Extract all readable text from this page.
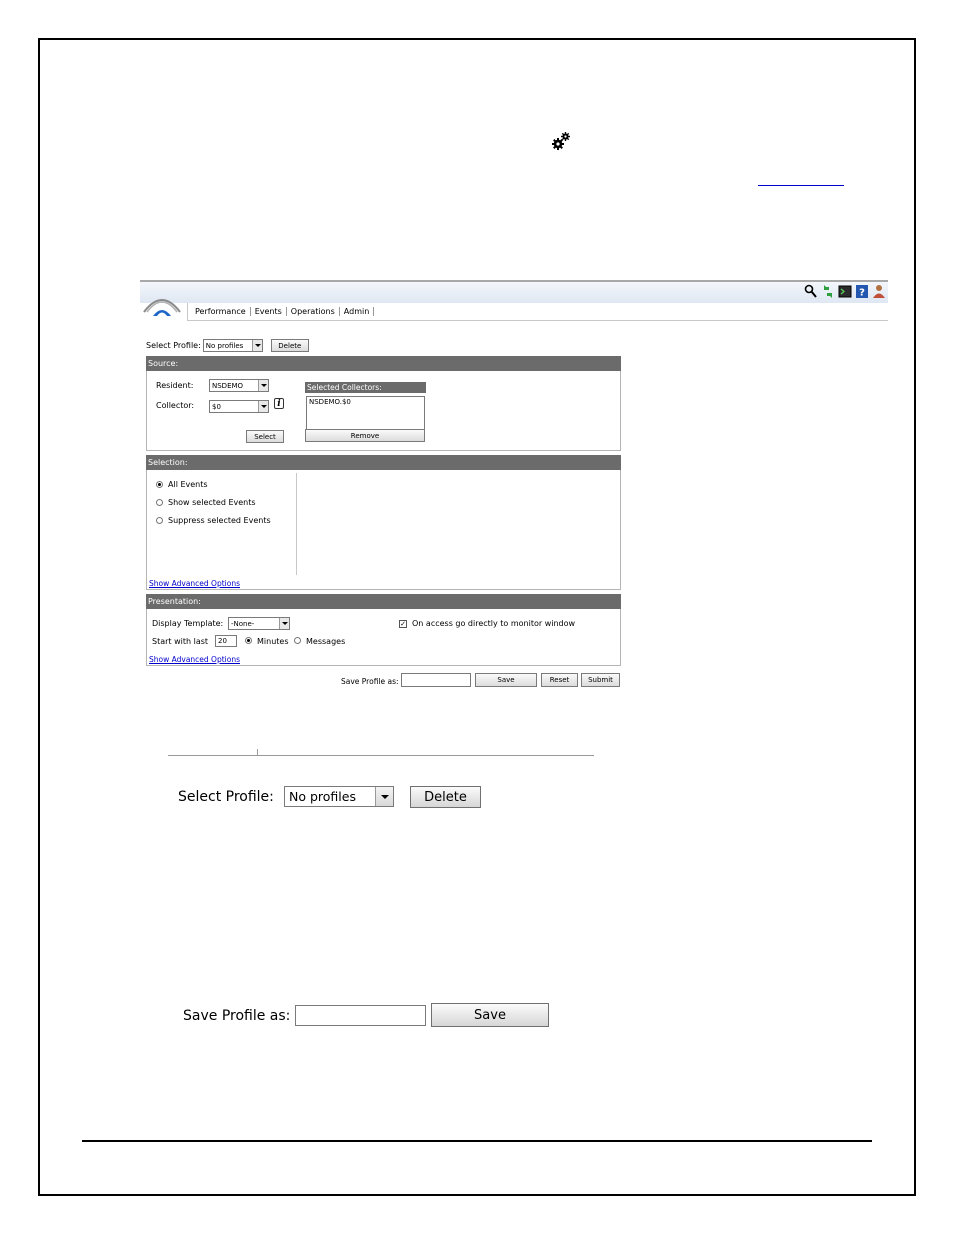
?
Performance	Events	Operations	Admin
Select Profile: No profiles	Delete
Source:
Resident:	NSDEMO
Collector:	$0	i
Select
Selected Collectors:
NSDEMO.$0
Remove
Selection:
All Events
Show selected Events
Suppress selected Events
Show Advanced Options
Presentation:
Display Template: -None-
Start with last	20	Minutes Messages
✓ On access go directly to monitor window
Show Advanced Options
Save Profile as:	Save	Reset	Submit
Select Profile:	No profiles	Delete
Save Profile as:	Save
